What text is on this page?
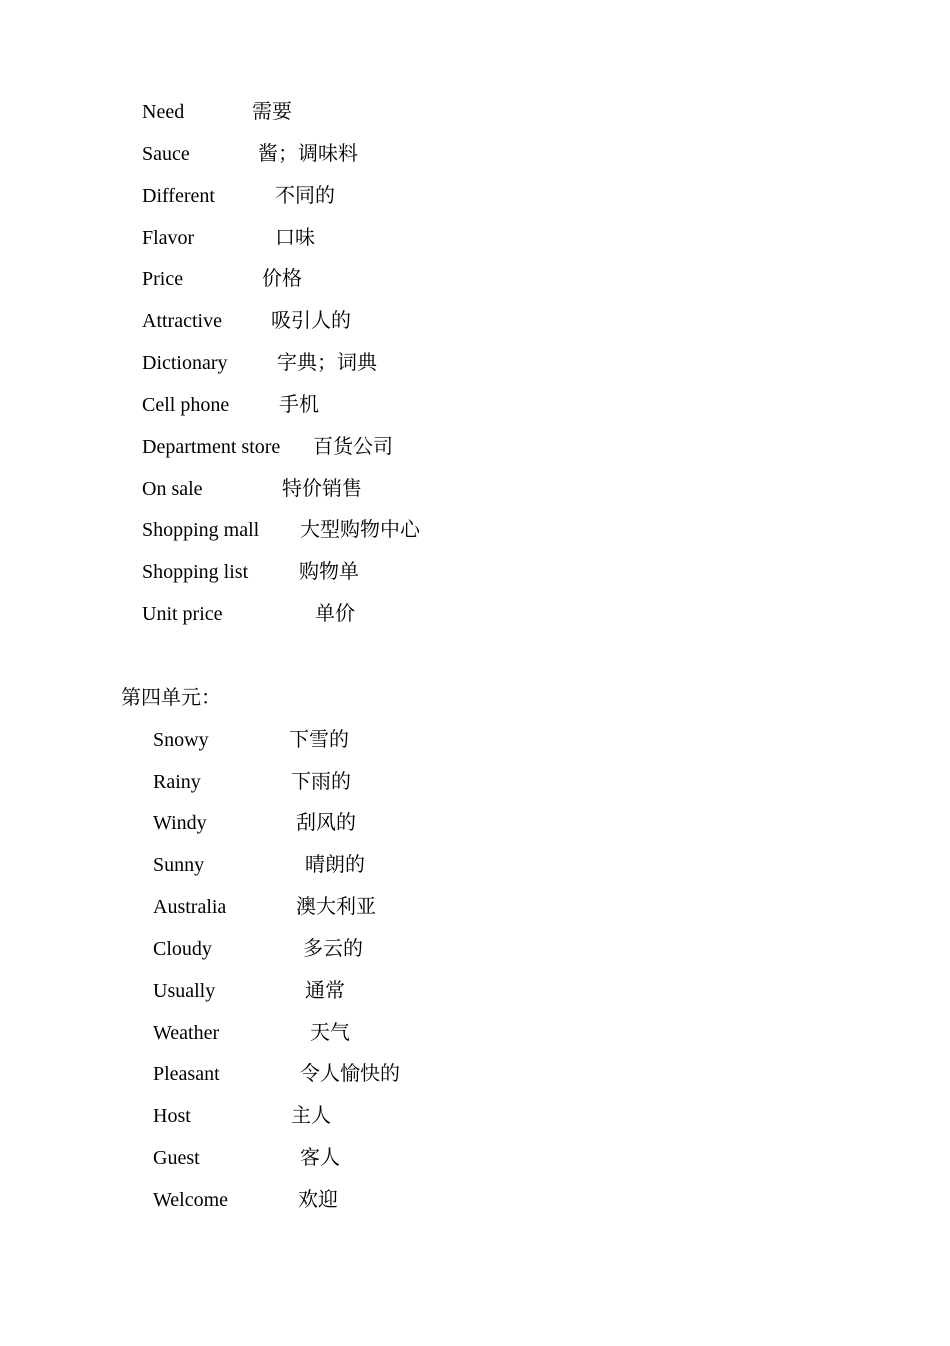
Need	需要
Sauce	酱；调味料
Different	不同的
Flavor	口味
Price	价格
Attractive 吸引人的
Dictionary 字典；词典
Cell phone 手机
Department store 百货公司
On sale	特价销售
Shopping mall 大型购物中心
Shopping list	购物单
Unit price	单价
第四单元：
Snowy	下雪的
Rainy	下雨的
Windy	刮风的
Sunny	晴朗的
Australia	澳大利亚
Cloudy	多云的
Usually	通常
Weather	天气
Pleasant	令人愉快的
Host	主人
Guest	客人
Welcome	欢迎
